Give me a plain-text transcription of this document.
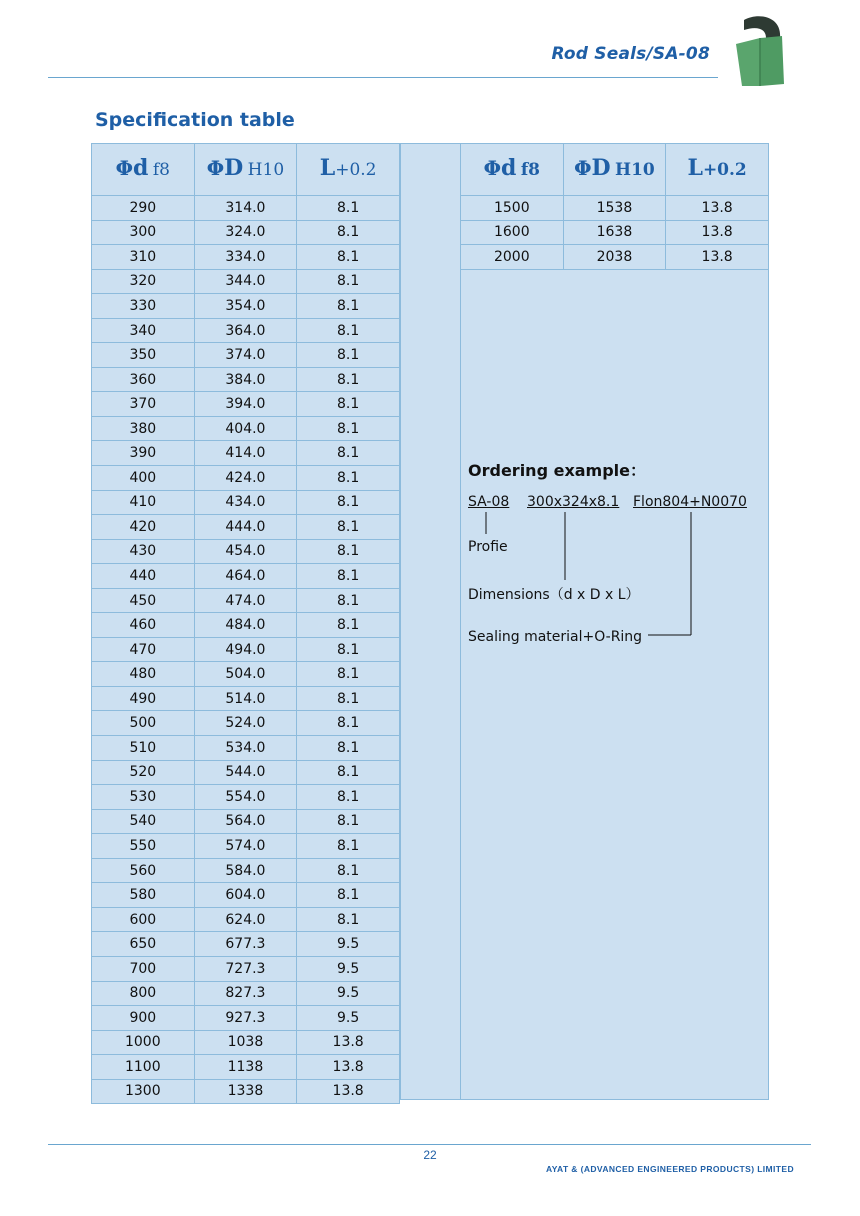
Rod Seals/SA-08
Specification table
Φd f8	ΦD H10	L+0.2
290	314.0	8.1
300	324.0	8.1
310	334.0	8.1
320	344.0	8.1
330	354.0	8.1
340	364.0	8.1
350	374.0	8.1
360	384.0	8.1
370	394.0	8.1
380	404.0	8.1
390	414.0	8.1
400	424.0	8.1
410	434.0	8.1
420	444.0	8.1
430	454.0	8.1
440	464.0	8.1
450	474.0	8.1
460	484.0	8.1
470	494.0	8.1
480	504.0	8.1
490	514.0	8.1
500	524.0	8.1
510	534.0	8.1
520	544.0	8.1
530	554.0	8.1
540	564.0	8.1
550	574.0	8.1
560	584.0	8.1
580	604.0	8.1
600	624.0	8.1
650	677.3	9.5
700	727.3	9.5
800	827.3	9.5
900	927.3	9.5
1000	1038	13.8
1100	1138	13.8
1300	1338	13.8
Φd f8	ΦD H10	L+0.2
1500	1538	13.8
1600	1638	13.8
2000	2038	13.8
Ordering example：
SA-08 300x324x8.1 Flon804+N0070
Profie
Dimensions（d x D x L）
Sealing material+O-Ring
22
AYAT & (ADVANCED ENGINEERED PRODUCTS) LIMITED
